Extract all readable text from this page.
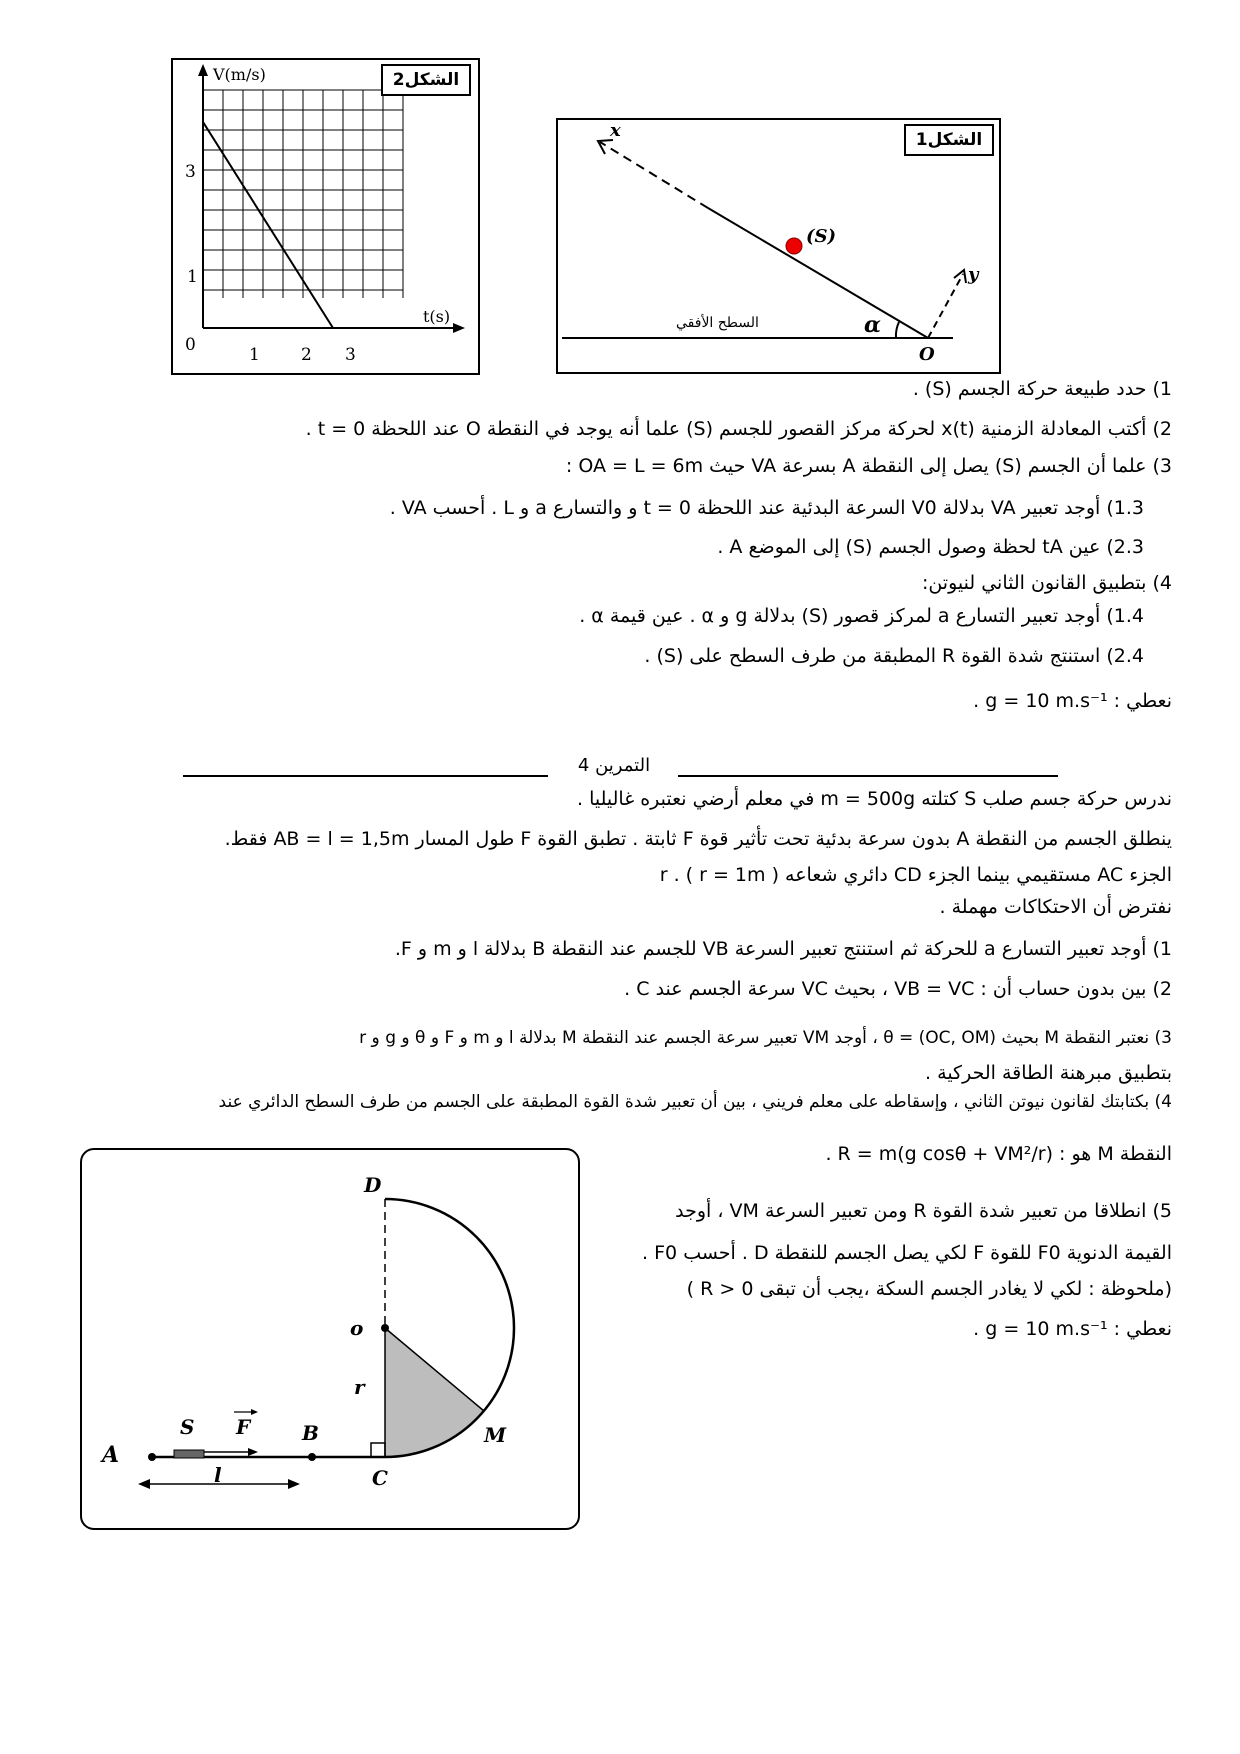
V(m/s)
t(s)
1 2 3
3
1
0
الشكل2
x
y
(S)
α
O
السطح الأفقي
الشكل1
1) حدد طبيعة حركة الجسم (S) .
2) أكتب المعادلة الزمنية x(t) لحركة مركز القصور للجسم (S) علما أنه يوجد في النقطة O عند اللحظة t = 0 .
3) علما أن الجسم (S) يصل إلى النقطة A بسرعة VA حيث OA = L = 6m :
1.3) أوجد تعبير VA بدلالة V0 السرعة البدئية عند اللحظة t = 0 و والتسارع a و L . أحسب VA .
2.3) عين tA لحظة وصول الجسم (S) إلى الموضع A .
4) بتطبيق القانون الثاني لنيوتن:
1.4) أوجد تعبير التسارع a لمركز قصور (S) بدلالة g و α . عين قيمة α .
2.4) استنتج شدة القوة R المطبقة من طرف السطح على (S) .
نعطي : g = 10 m.s⁻¹ .
التمرين 4
ندرس حركة جسم صلب S كتلته m = 500g في معلم أرضي نعتبره غاليليا .
ينطلق الجسم من النقطة A بدون سرعة بدئية تحت تأثير قوة F ثابتة . تطبق القوة F طول المسار AB = l = 1,5m فقط.
الجزء AC مستقيمي بينما الجزء CD دائري شعاعه r . ( r = 1m )
نفترض أن الاحتكاكات مهملة .
1) أوجد تعبير التسارع a للحركة ثم استنتج تعبير السرعة VB للجسم عند النقطة B بدلالة l و m و F.
2) بين بدون حساب أن : VB = VC ، بحيث VC سرعة الجسم عند C .
3) نعتبر النقطة M بحيث θ = (OC, OM) ، أوجد VM تعبير سرعة الجسم عند النقطة M بدلالة l و m و F و θ و g و r
بتطبيق مبرهنة الطاقة الحركية .
4) بكتابتك لقانون نيوتن الثاني ، وإسقاطه على معلم فريني ، بين أن تعبير شدة القوة المطبقة على الجسم من طرف السطح الدائري عند
النقطة M هو : R = m(g cosθ + VM²/r) .
5) انطلاقا من تعبير شدة القوة R ومن تعبير السرعة VM ، أوجد
القيمة الدنوية F0 للقوة F لكي يصل الجسم للنقطة D . أحسب F0 .
(ملحوظة : لكي لا يغادر الجسم السكة ،يجب أن تبقى R > 0 )
نعطي : g = 10 m.s⁻¹ .
A
S F	B
C
D
o
r
M
l
